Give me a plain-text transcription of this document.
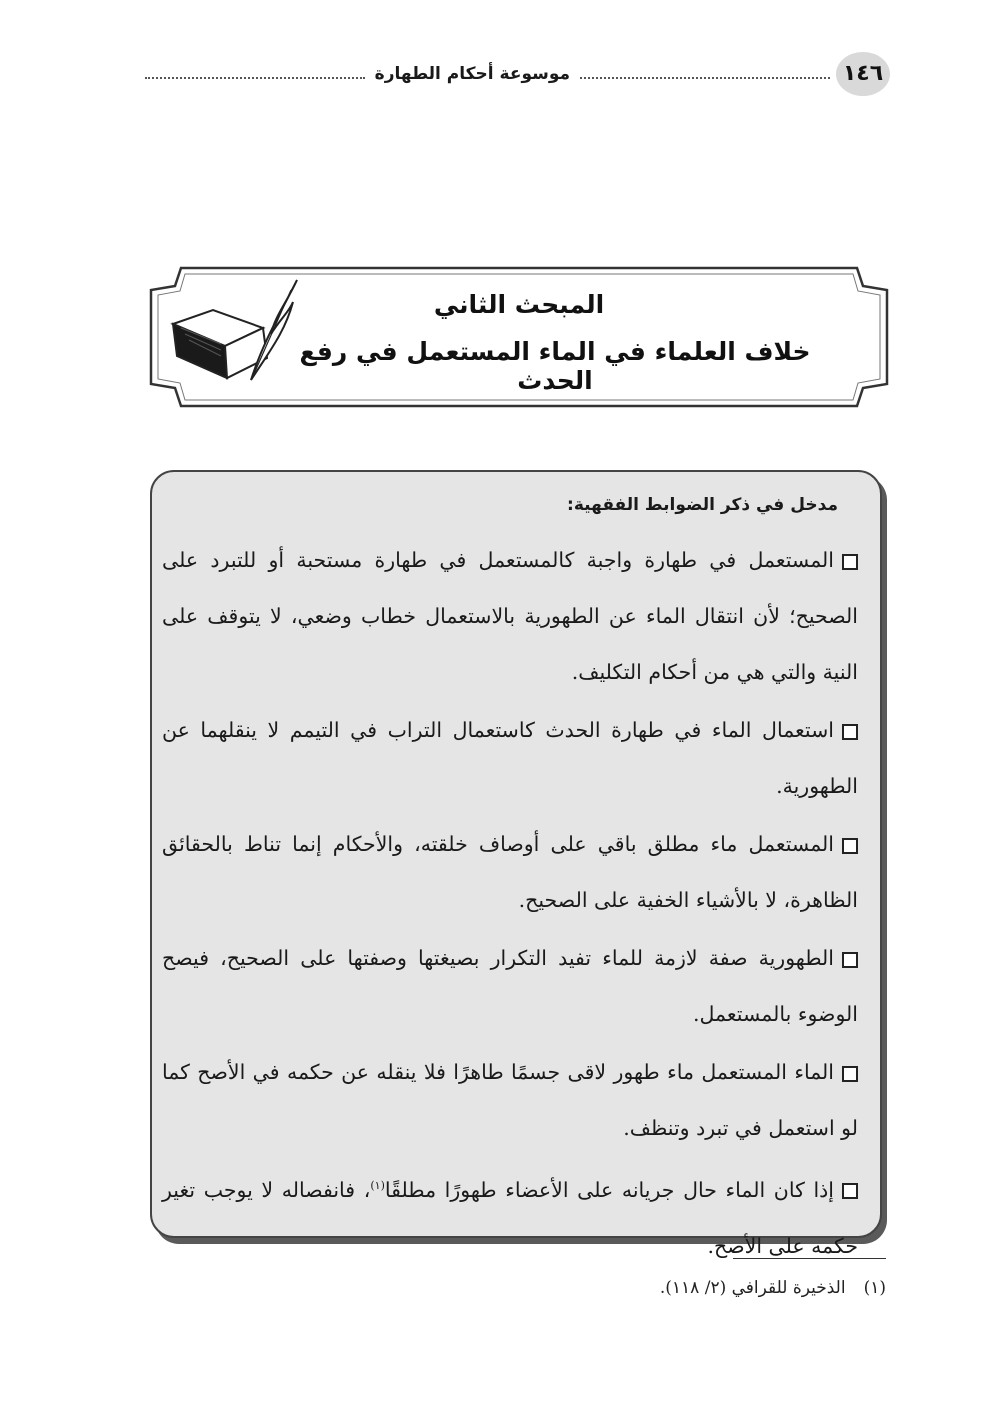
١٤٦
موسوعة أحكام الطهارة
المبحث الثاني
خلاف العلماء في الماء المستعمل في رفع الحدث
مدخل في ذكر الضوابط الفقهية:

المستعمل في طهارة واجبة كالمستعمل في طهارة مستحبة أو للتبرد على الصحيح؛ لأن انتقال الماء عن الطهورية بالاستعمال خطاب وضعي، لا يتوقف على النية والتي هي من أحكام التكليف.

استعمال الماء في طهارة الحدث كاستعمال التراب في التيمم لا ينقلهما عن الطهورية.

المستعمل ماء مطلق باقي على أوصاف خلقته، والأحكام إنما تناط بالحقائق الظاهرة، لا بالأشياء الخفية على الصحيح.

الطهورية صفة لازمة للماء تفيد التكرار بصيغتها وصفتها على الصحيح، فيصح الوضوء بالمستعمل.

الماء المستعمل ماء طهور لاقى جسمًا طاهرًا فلا ينقله عن حكمه في الأصح كما لو استعمل في تبرد وتنظف.

إذا كان الماء حال جريانه على الأعضاء طهورًا مطلقًا$^{(١)}$، فانفصاله لا يوجب تغير حكمه على الأصح.

(١)الذخيرة للقرافي (٢/ ١١٨).
